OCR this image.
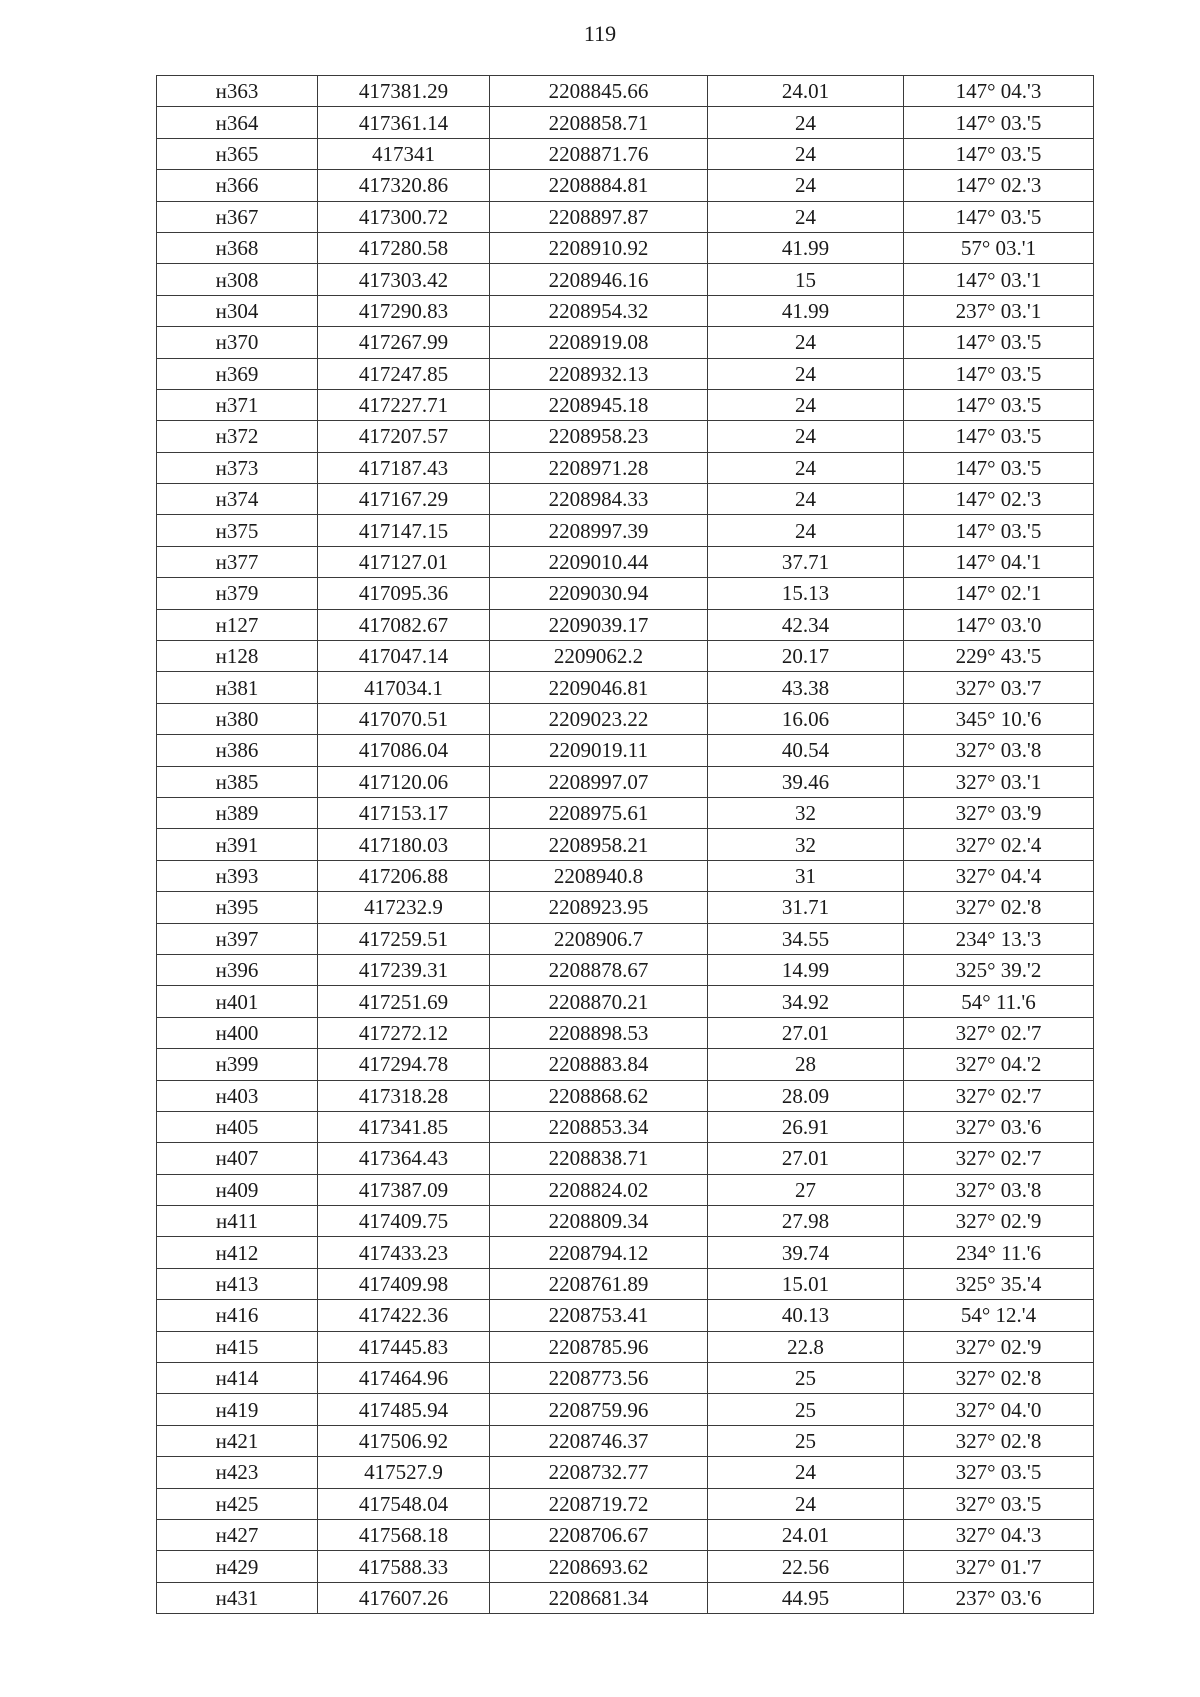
119
н363	417381.29	2208845.66	24.01	147° 04.'3
н364	417361.14	2208858.71	24	147° 03.'5
н365	417341	2208871.76	24	147° 03.'5
н366	417320.86	2208884.81	24	147° 02.'3
н367	417300.72	2208897.87	24	147° 03.'5
н368	417280.58	2208910.92	41.99	57° 03.'1
н308	417303.42	2208946.16	15	147° 03.'1
н304	417290.83	2208954.32	41.99	237° 03.'1
н370	417267.99	2208919.08	24	147° 03.'5
н369	417247.85	2208932.13	24	147° 03.'5
н371	417227.71	2208945.18	24	147° 03.'5
н372	417207.57	2208958.23	24	147° 03.'5
н373	417187.43	2208971.28	24	147° 03.'5
н374	417167.29	2208984.33	24	147° 02.'3
н375	417147.15	2208997.39	24	147° 03.'5
н377	417127.01	2209010.44	37.71	147° 04.'1
н379	417095.36	2209030.94	15.13	147° 02.'1
н127	417082.67	2209039.17	42.34	147° 03.'0
н128	417047.14	2209062.2	20.17	229° 43.'5
н381	417034.1	2209046.81	43.38	327° 03.'7
н380	417070.51	2209023.22	16.06	345° 10.'6
н386	417086.04	2209019.11	40.54	327° 03.'8
н385	417120.06	2208997.07	39.46	327° 03.'1
н389	417153.17	2208975.61	32	327° 03.'9
н391	417180.03	2208958.21	32	327° 02.'4
н393	417206.88	2208940.8	31	327° 04.'4
н395	417232.9	2208923.95	31.71	327° 02.'8
н397	417259.51	2208906.7	34.55	234° 13.'3
н396	417239.31	2208878.67	14.99	325° 39.'2
н401	417251.69	2208870.21	34.92	54° 11.'6
н400	417272.12	2208898.53	27.01	327° 02.'7
н399	417294.78	2208883.84	28	327° 04.'2
н403	417318.28	2208868.62	28.09	327° 02.'7
н405	417341.85	2208853.34	26.91	327° 03.'6
н407	417364.43	2208838.71	27.01	327° 02.'7
н409	417387.09	2208824.02	27	327° 03.'8
н411	417409.75	2208809.34	27.98	327° 02.'9
н412	417433.23	2208794.12	39.74	234° 11.'6
н413	417409.98	2208761.89	15.01	325° 35.'4
н416	417422.36	2208753.41	40.13	54° 12.'4
н415	417445.83	2208785.96	22.8	327° 02.'9
н414	417464.96	2208773.56	25	327° 02.'8
н419	417485.94	2208759.96	25	327° 04.'0
н421	417506.92	2208746.37	25	327° 02.'8
н423	417527.9	2208732.77	24	327° 03.'5
н425	417548.04	2208719.72	24	327° 03.'5
н427	417568.18	2208706.67	24.01	327° 04.'3
н429	417588.33	2208693.62	22.56	327° 01.'7
н431	417607.26	2208681.34	44.95	237° 03.'6
